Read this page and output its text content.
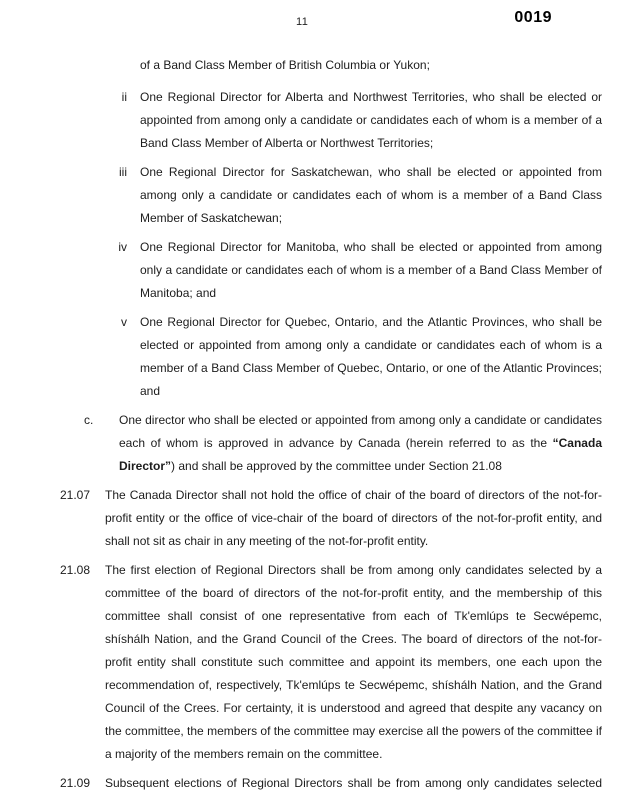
11	0019

of a Band Class Member of British Columbia or Yukon;

ii One Regional Director for Alberta and Northwest Territories, who shall be elected or appointed from among only a candidate or candidates each of whom is a member of a Band Class Member of Alberta or Northwest Territories;

iii One Regional Director for Saskatchewan, who shall be elected or appointed from among only a candidate or candidates each of whom is a member of a Band Class Member of Saskatchewan;

iv One Regional Director for Manitoba, who shall be elected or appointed from among only a candidate or candidates each of whom is a member of a Band Class Member of Manitoba; and

v One Regional Director for Quebec, Ontario, and the Atlantic Provinces, who shall be elected or appointed from among only a candidate or candidates each of whom is a member of a Band Class Member of Quebec, Ontario, or one of the Atlantic Provinces; and

c.	One director who shall be elected or appointed from among only a candidate or candidates each of whom is approved in advance by Canada (herein referred to as the “Canada Director”) and shall be approved by the committee under Section 21.08

21.07	The Canada Director shall not hold the office of chair of the board of directors of the not-for-profit entity or the office of vice-chair of the board of directors of the not-for-profit entity, and shall not sit as chair in any meeting of the not-for-profit entity.

21.08	The first election of Regional Directors shall be from among only candidates selected by a committee of the board of directors of the not-for-profit entity, and the membership of this committee shall consist of one representative from each of Tk'emlúps te Secwépemc, shíshálh Nation, and the Grand Council of the Crees. The board of directors of the not-for-profit entity shall constitute such committee and appoint its members, one each upon the recommendation of, respectively, Tk'emlúps te Secwépemc, shíshálh Nation, and the Grand Council of the Crees. For certainty, it is understood and agreed that despite any vacancy on the committee, the members of the committee may exercise all the powers of the committee if a majority of the members remain on the committee.

21.09	Subsequent elections of Regional Directors shall be from among only candidates selected
